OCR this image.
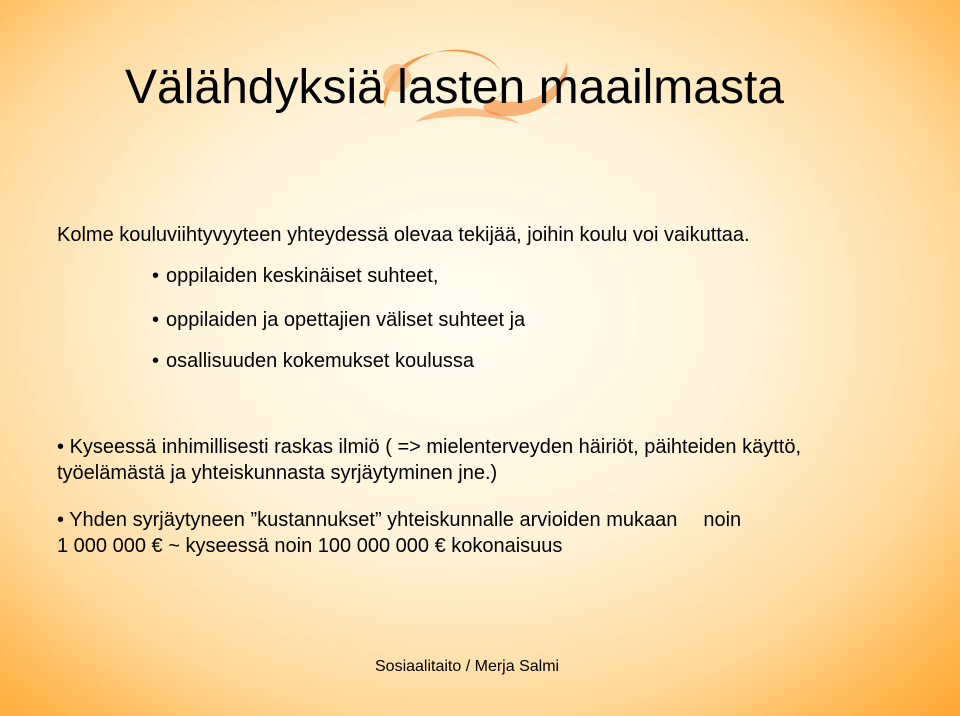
Välähdyksiä lasten maailmasta
Kolme kouluviihtyvyyteen yhteydessä olevaa tekijää, joihin koulu voi vaikuttaa.
• oppilaiden keskinäiset suhteet,
• oppilaiden ja opettajien väliset suhteet ja
• osallisuuden kokemukset koulussa
• Kyseessä inhimillisesti raskas ilmiö ( => mielenterveyden häiriöt, päihteiden käyttö, työelämästä ja yhteiskunnasta syrjäytyminen jne.)
• Yhden syrjäytyneen ”kustannukset” yhteiskunnalle arvioiden mukaan noin
1 000 000 € ~ kyseessä noin 100 000 000 € kokonaisuus
Sosiaalitaito / Merja Salmi
